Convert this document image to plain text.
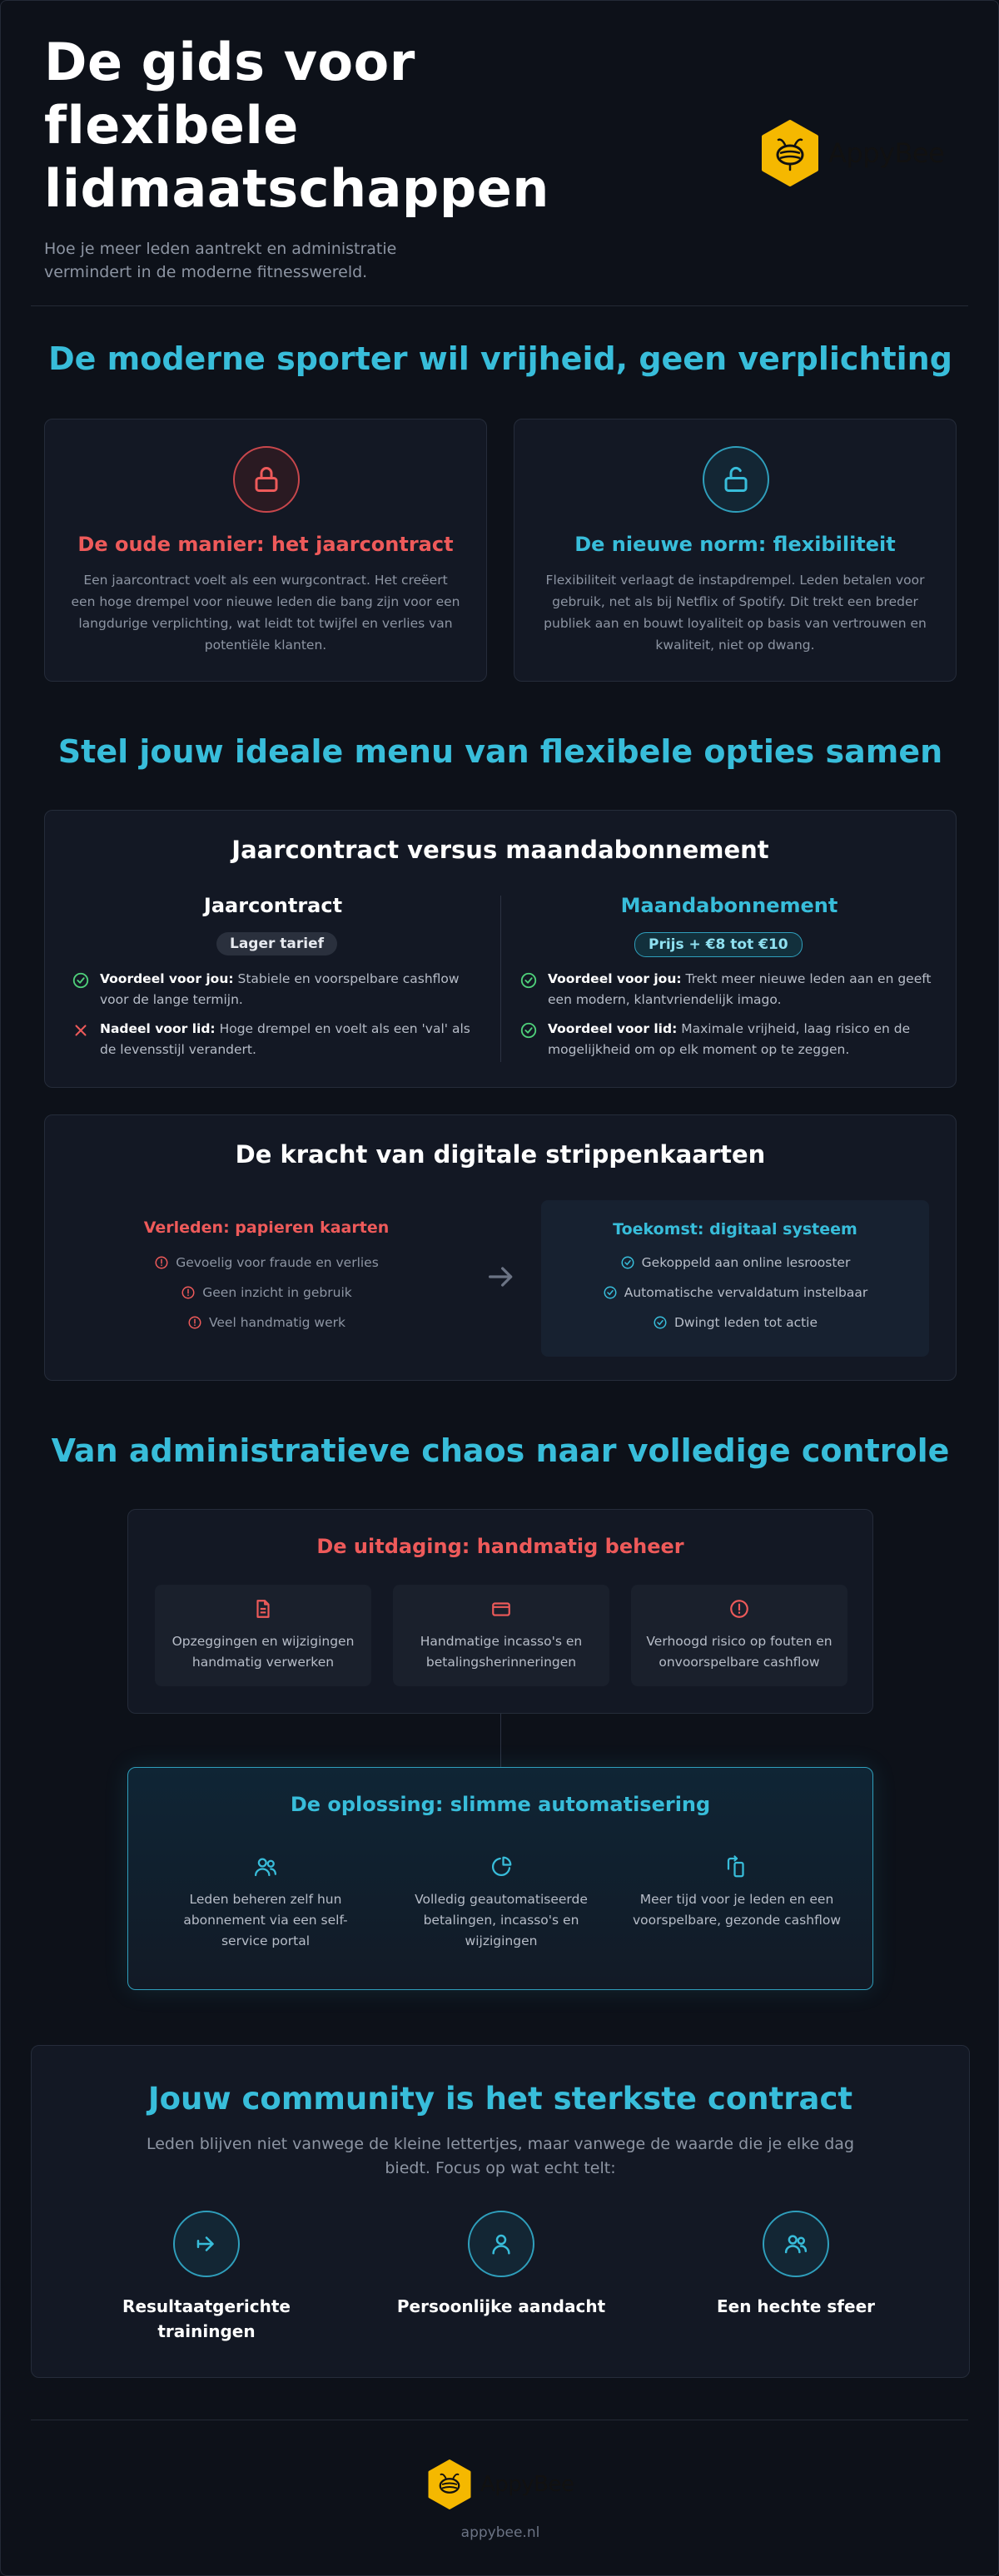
De gids voor flexibele lidmaatschappen

Hoe je meer leden aantrekt en administratie vermindert in de moderne fitnesswereld.

AppyBee
De moderne sporter wil vrijheid, geen verplichting
De oude manier: het jaarcontract
Een jaarcontract voelt als een wurgcontract. Het creëert een hoge drempel voor nieuwe leden die bang zijn voor een langdurige verplichting, wat leidt tot twijfel en verlies van potentiële klanten.
De nieuwe norm: flexibiliteit
Flexibiliteit verlaagt de instapdrempel. Leden betalen voor gebruik, net als bij Netflix of Spotify. Dit trekt een breder publiek aan en bouwt loyaliteit op basis van vertrouwen en kwaliteit, niet op dwang.
Stel jouw ideale menu van flexibele opties samen
Jaarcontract versus maandabonnement
Jaarcontract
Lager tarief
Voordeel voor jou: Stabiele en voorspelbare cashflow voor de lange termijn.
Nadeel voor lid: Hoge drempel en voelt als een 'val' als de levensstijl verandert.
Maandabonnement
Prijs + €8 tot €10
Voordeel voor jou: Trekt meer nieuwe leden aan en geeft een modern, klantvriendelijk imago.
Voordeel voor lid: Maximale vrijheid, laag risico en de mogelijkheid om op elk moment op te zeggen.
De kracht van digitale strippenkaarten
Verleden: papieren kaarten
Gevoelig voor fraude en verlies
Geen inzicht in gebruik
Veel handmatig werk
Toekomst: digitaal systeem
Gekoppeld aan online lesrooster
Automatische vervaldatum instelbaar
Dwingt leden tot actie
Van administratieve chaos naar volledige controle
De uitdaging: handmatig beheer
Opzeggingen en wijzigingen handmatig verwerken
Handmatige incasso's en betalingsherinneringen
Verhoogd risico op fouten en onvoorspelbare cashflow
De oplossing: slimme automatisering
Leden beheren zelf hun abonnement via een self-service portal
Volledig geautomatiseerde betalingen, incasso's en wijzigingen
Meer tijd voor je leden en een voorspelbare, gezonde cashflow
Jouw community is het sterkste contract
Leden blijven niet vanwege de kleine lettertjes, maar vanwege de waarde die je elke dag biedt. Focus op wat echt telt:
Resultaatgerichte trainingen
Persoonlijke aandacht	Een hechte sfeer
AppyBee
appybee.nl
